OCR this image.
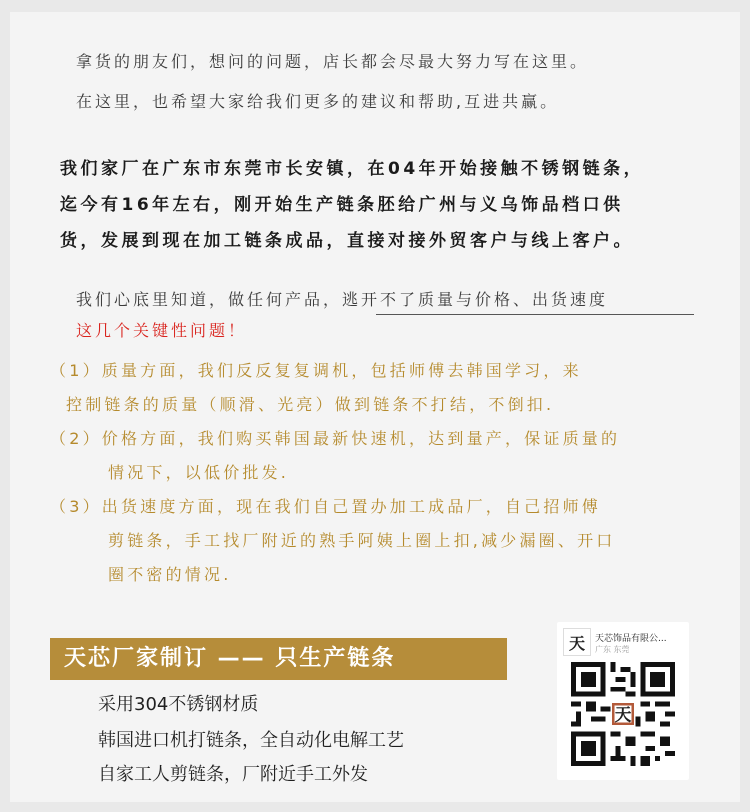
拿货的朋友们，想问的问题，店长都会尽最大努力写在这里。

在这里，也希望大家给我们更多的建议和帮助,互进共赢。

我们家厂在广东市东莞市长安镇，在04年开始接触不锈钢链条，

迄今有16年左右，刚开始生产链条胚给广州与义乌饰品档口供

货，发展到现在加工链条成品，直接对接外贸客户与线上客户。

我们心底里知道，做任何产品，逃开不了质量与价格、出货速度

这几个关键性问题！

（1）质量方面，我们反反复复调机，包括师傅去韩国学习，来

控制链条的质量（顺滑、光亮）做到链条不打结，不倒扣.

（2）价格方面，我们购买韩国最新快速机，达到量产，保证质量的

情况下，以低价批发.

（3）出货速度方面，现在我们自己置办加工成品厂，自己招师傅

剪链条，手工找厂附近的熟手阿姨上圈上扣,减少漏圈、开口

圈不密的情况.

天芯厂家制订 —— 只生产链条
采用304不锈钢材质
韩国进口机打链条，全自动化电解工艺
自家工人剪链条，厂附近手工外发
天	天芯饰品有限公...
广东 东莞
天
